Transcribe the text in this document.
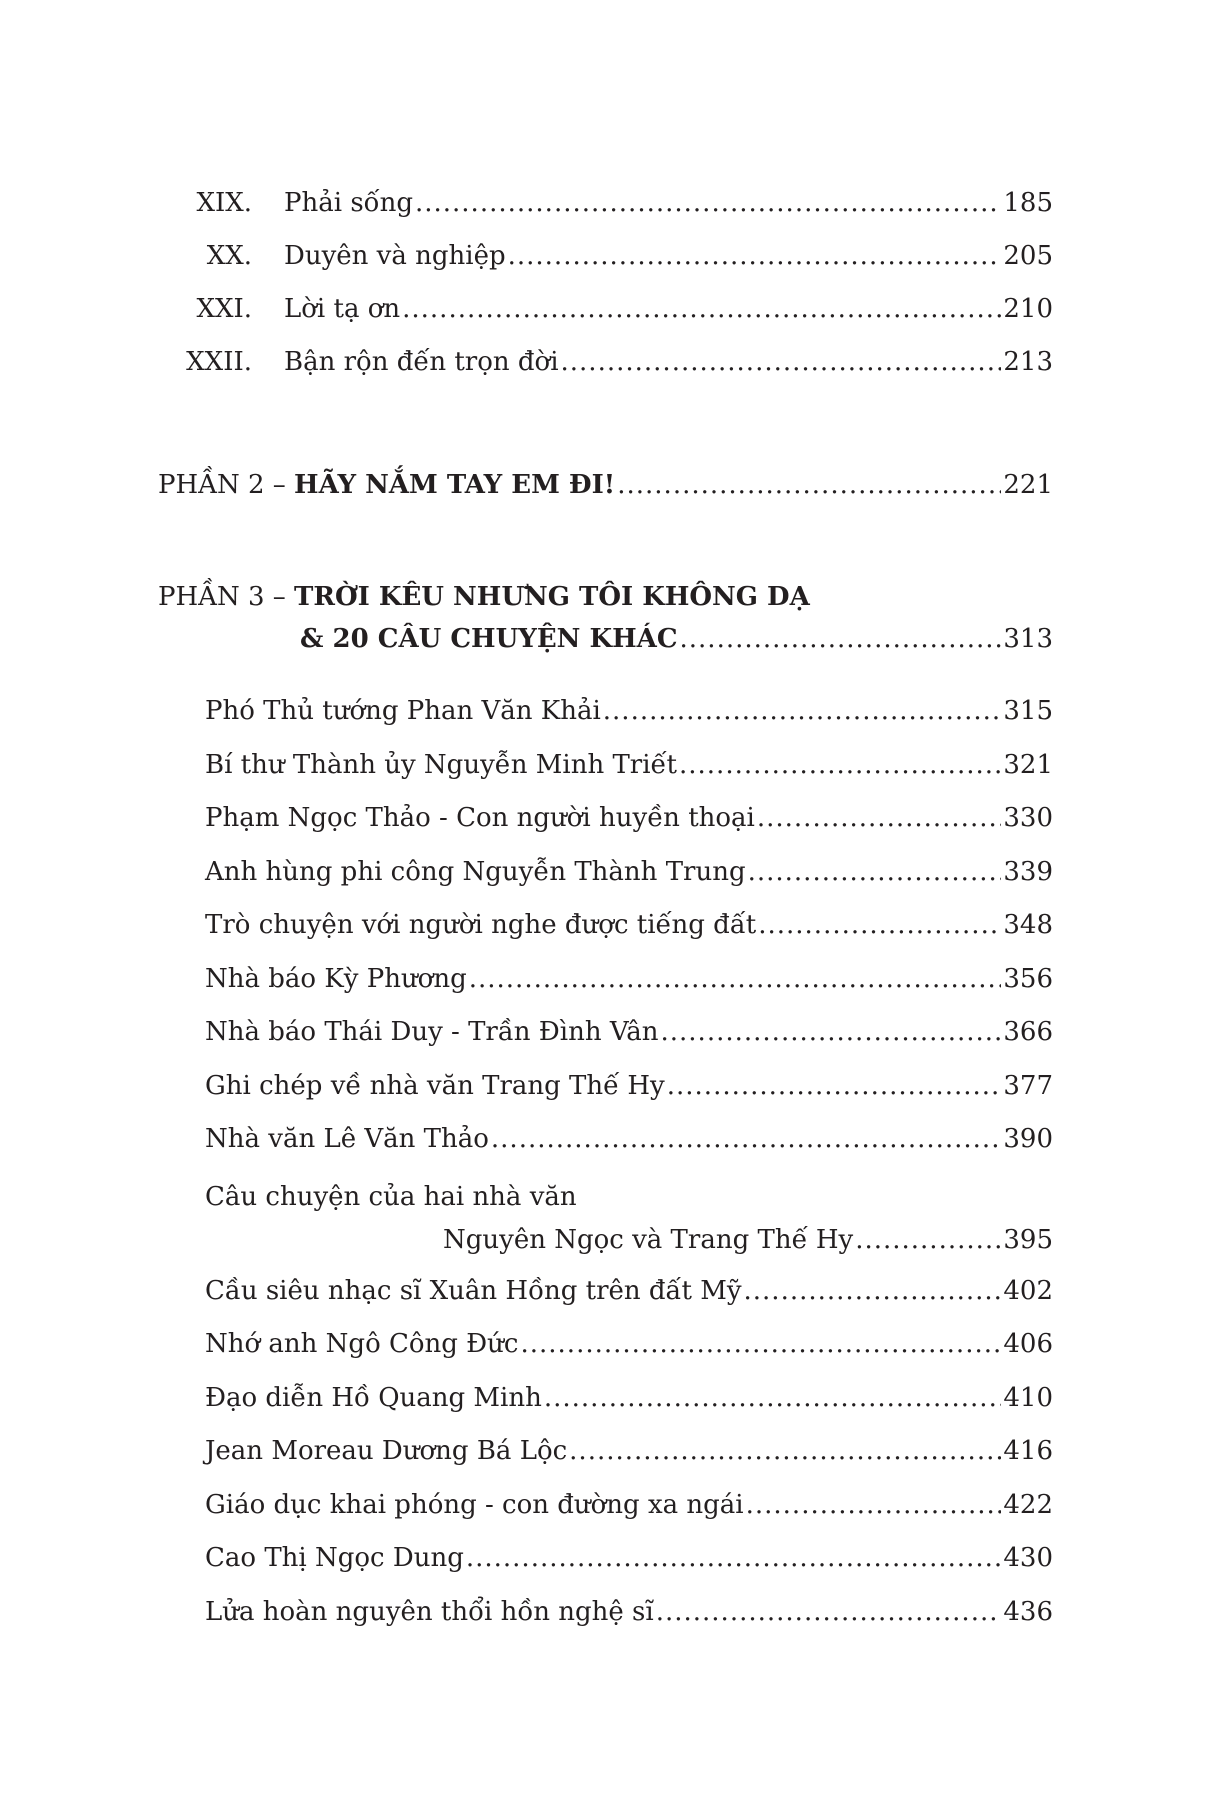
XIX.	Phải sống .....	185
XX.	Duyên và nghiệp .....	205
XXI.	Lời tạ ơn .....	210
XXII.	Bận rộn đến trọn đời .....	213
PHẦN 2 – HÃY NẮM TAY EM ĐI! .....	221
PHẦN 3 – TRỜI KÊU NHƯNG TÔI KHÔNG DẠ
& 20 CÂU CHUYỆN KHÁC .....	313
Phó Thủ tướng Phan Văn Khải .....	315
Bí thư Thành ủy Nguyễn Minh Triết .....	321
Phạm Ngọc Thảo - Con người huyền thoại .....	330
Anh hùng phi công Nguyễn Thành Trung .....	339
Trò chuyện với người nghe được tiếng đất .....	348
Nhà báo Kỳ Phương .....	356
Nhà báo Thái Duy - Trần Đình Vân .....	366
Ghi chép về nhà văn Trang Thế Hy .....	377
Nhà văn Lê Văn Thảo .....	390
Câu chuyện của hai nhà văn
Nguyên Ngọc và Trang Thế Hy .....	395
Cầu siêu nhạc sĩ Xuân Hồng trên đất Mỹ .....	402
Nhớ anh Ngô Công Đức .....	406
Đạo diễn Hồ Quang Minh .....	410
Jean Moreau Dương Bá Lộc .....	416
Giáo dục khai phóng - con đường xa ngái .....	422
Cao Thị Ngọc Dung .....	430
Lửa hoàn nguyên thổi hồn nghệ sĩ .....	436
